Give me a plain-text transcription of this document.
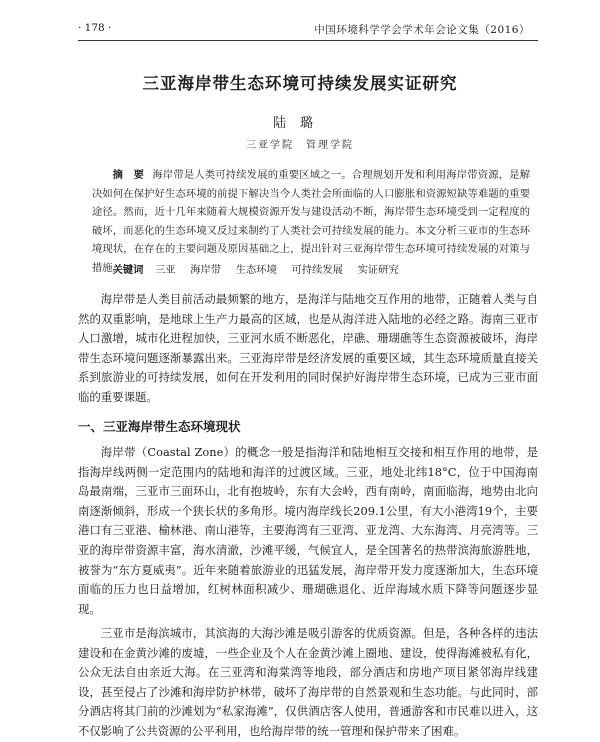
· 178 ·	中国环境科学学会学术年会论文集（2016）
三亚海岸带生态环境可持续发展实证研究
陆璐
三亚学院　管理学院
摘　要 海岸带是人类可持续发展的重要区域之一。合理规划开发和利用海岸带资源，是解决如何在保护好生态环境的前提下解决当今人类社会所面临的人口膨胀和资源短缺等难题的重要途径。然而，近十几年来随着大规模资源开发与建设活动不断，海岸带生态环境受到一定程度的破坏，而恶化的生态环境又反过来制约了人类社会可持续发展的能力。本文分析三亚市的生态环境现状，在存在的主要问题及原因基础之上，提出针对三亚海岸带生态环境可持续发展的对策与措施。
关键词 三亚 海岸带 生态环境 可持续发展 实证研究

海岸带是人类目前活动最频繁的地方，是海洋与陆地交互作用的地带，正随着人类与自然的双重影响，是地球上生产力最高的区域，也是从海洋进入陆地的必经之路。海南三亚市人口激增，城市化进程加快，三亚河水质不断恶化，岸礁、珊瑚礁等生态资源被破坏，海岸带生态环境问题逐渐暴露出来。三亚海岸带是经济发展的重要区域，其生态环境质量直接关系到旅游业的可持续发展，如何在开发利用的同时保护好海岸带生态环境，已成为三亚市面临的重要课题。

一、三亚海岸带生态环境现状

海岸带（Coastal Zone）的概念一般是指海洋和陆地相互交接和相互作用的地带，是指海岸线两侧一定范围内的陆地和海洋的过渡区域。三亚，地处北纬18°C，位于中国海南岛最南端，三亚市三面环山，北有抱坡岭，东有大会岭，西有南岭，南面临海，地势由北向南逐渐倾斜，形成一个狭长状的多角形。境内海岸线长209.1公里，有大小港湾19个，主要港口有三亚港、榆林港、南山港等，主要海湾有三亚湾、亚龙湾、大东海湾、月亮湾等。三亚的海岸带资源丰富，海水清澈，沙滩平缓，气候宜人，是全国著名的热带滨海旅游胜地，被誉为“东方夏威夷”。近年来随着旅游业的迅猛发展，海岸带开发力度逐渐加大，生态环境面临的压力也日益增加，红树林面积减少、珊瑚礁退化、近岸海域水质下降等问题逐步显现。

三亚市是海滨城市，其滨海的大海沙滩是吸引游客的优质资源。但是，各种各样的违法建设和在金黄沙滩的废墟，一些企业及个人在金黄沙滩上圈地、建设，使得海滩被私有化，公众无法自由亲近大海。在三亚湾和海棠湾等地段，部分酒店和房地产项目紧邻海岸线建设，甚至侵占了沙滩和海岸防护林带，破坏了海岸带的自然景观和生态功能。与此同时，部分酒店将其门前的沙滩划为“私家海滩”，仅供酒店客人使用，普通游客和市民难以进入，这不仅影响了公共资源的公平利用，也给海岸带的统一管理和保护带来了困难。
